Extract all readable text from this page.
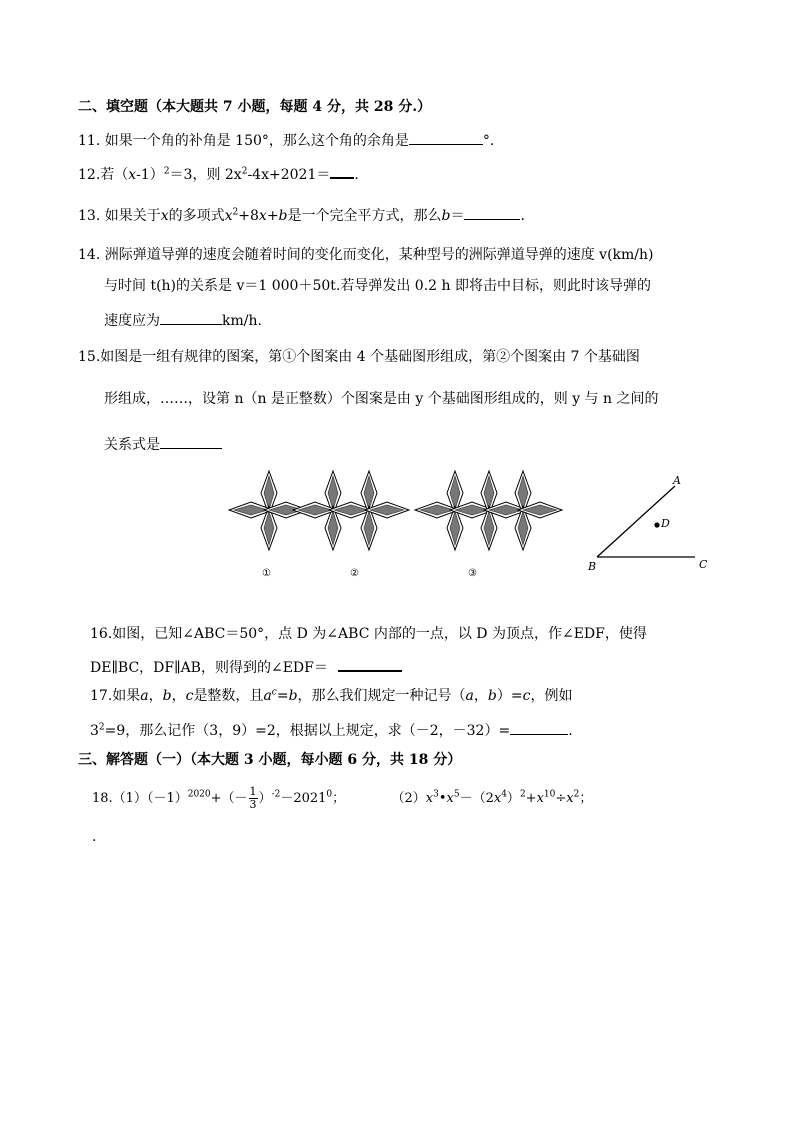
二、填空题（本大题共 7 小题，每题 4 分，共 28 分.）
11. 如果一个角的补角是 150°，那么这个角的余角是	°.
12.若$(x-1)^2=3$，则 $2x^2-4x+2021=$ .
13. 如果关于x的多项式$x^2+8x+b$是一个完全平方式，那么b＝	.
14. 洲际弹道导弹的速度会随着时间的变化而变化，某种型号的洲际弹道导弹的速度 v(km/h)
与时间 t(h)的关系是 v＝1 000＋50t.若导弹发出 0.2 h 即将击中目标，则此时该导弹的
速度应为	km/h.
15.如图是一组有规律的图案，第①个图案由 4 个基础图形组成，第②个图案由 7 个基础图
形组成，……，设第 n（n 是正整数）个图案是由 y 个基础图形组成的，则 y 与 n 之间的
关系式是
①	②	③
A
D
B	C
16.如图，已知∠ABC＝50°，点 D 为∠ABC 内部的一点，以 D 为顶点，作∠EDF，使得
DE∥BC，DF∥AB，则得到的∠EDF＝
17.如果a，b，c是整数，且$a^c=b$，那么我们规定一种记号（a，b）=c，例如
$3^2=9$，那么记作（3，9）=2，根据以上规定，求（－2，－32）=	.
三、解答题（一）（本大题 3 小题，每小题 6 分，共 18 分）
$18.(1)(-1)^{2020}+(- \frac{1}{3} )^{-2}-2021^0$；	$(2)x^3•x^5-(2x^4)^2+x^{10}\div x^2$；
.
